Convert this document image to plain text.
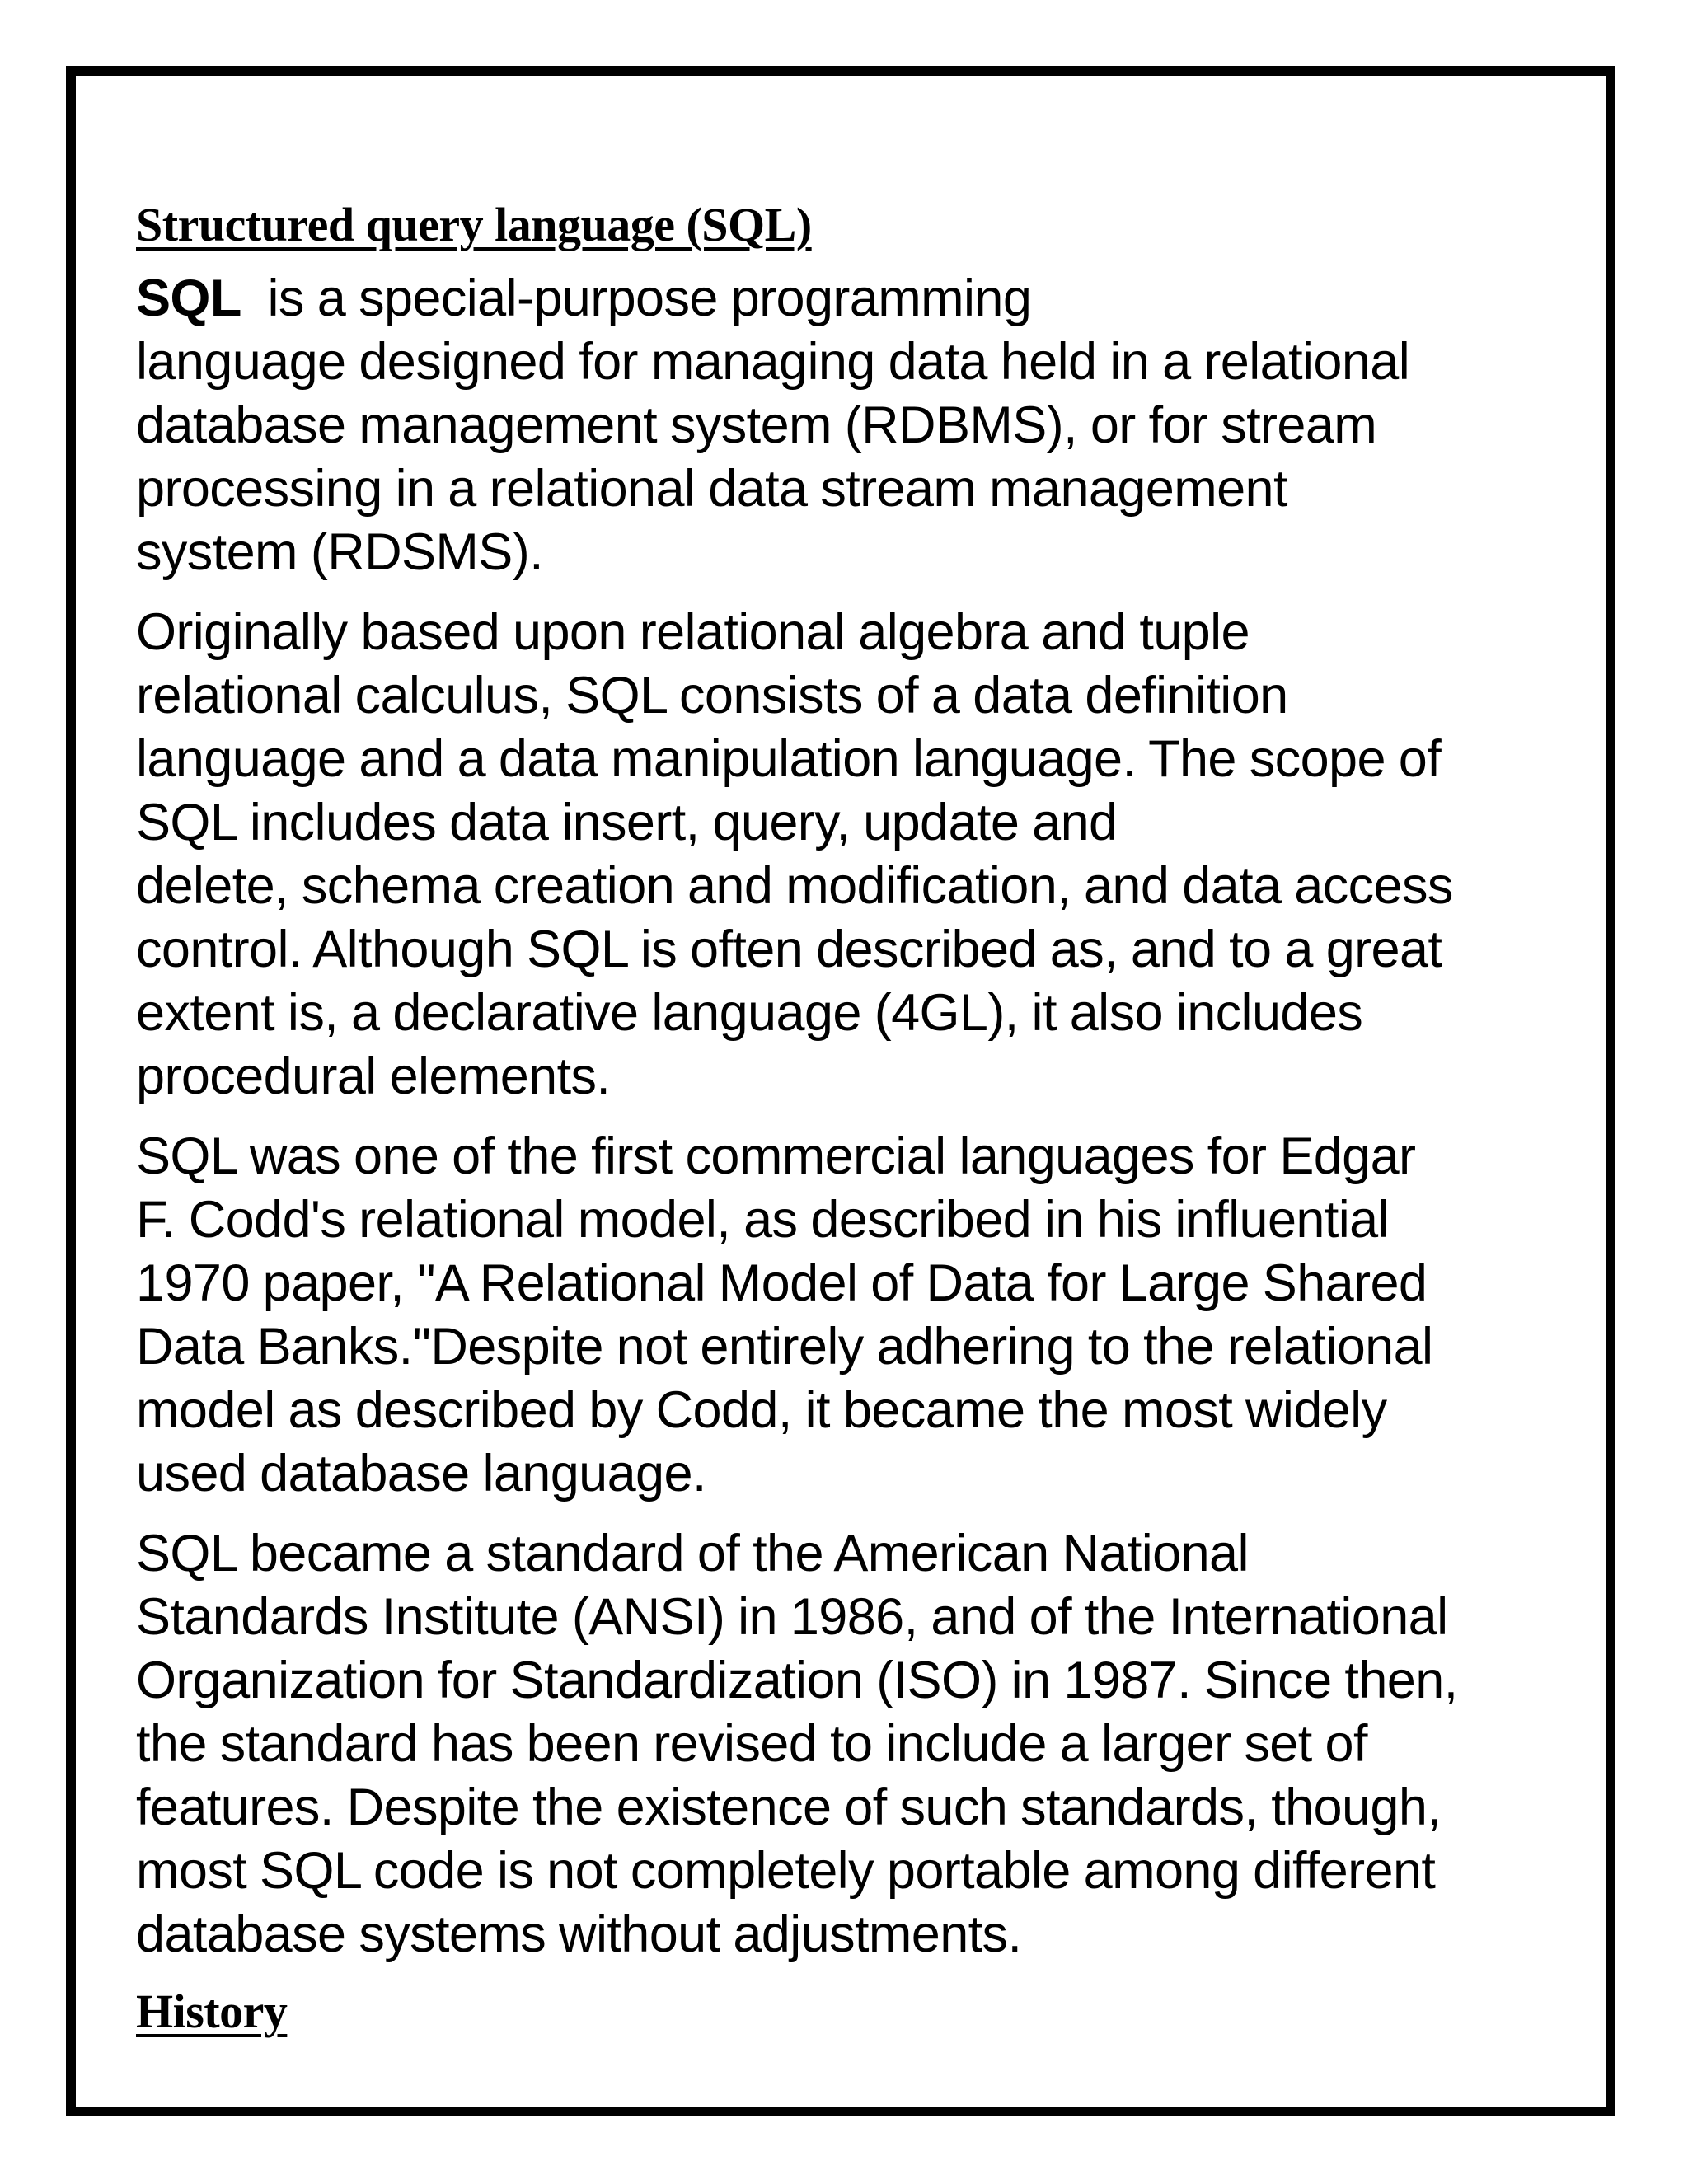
Structured query language (SQL)

SQL is a special-purpose programming
language designed for managing data held in a relational
database management system (RDBMS), or for stream
processing in a relational data stream management
system (RDSMS).

Originally based upon relational algebra and tuple
relational calculus, SQL consists of a data definition
language and a data manipulation language. The scope of
SQL includes data insert, query, update and
delete, schema creation and modification, and data access
control. Although SQL is often described as, and to a great
extent is, a declarative language (4GL), it also includes
procedural elements.

SQL was one of the first commercial languages for Edgar
F. Codd's relational model, as described in his influential
1970 paper, "A Relational Model of Data for Large Shared
Data Banks."Despite not entirely adhering to the relational
model as described by Codd, it became the most widely
used database language.

SQL became a standard of the American National
Standards Institute (ANSI) in 1986, and of the International
Organization for Standardization (ISO) in 1987. Since then,
the standard has been revised to include a larger set of
features. Despite the existence of such standards, though,
most SQL code is not completely portable among different
database systems without adjustments.

History
